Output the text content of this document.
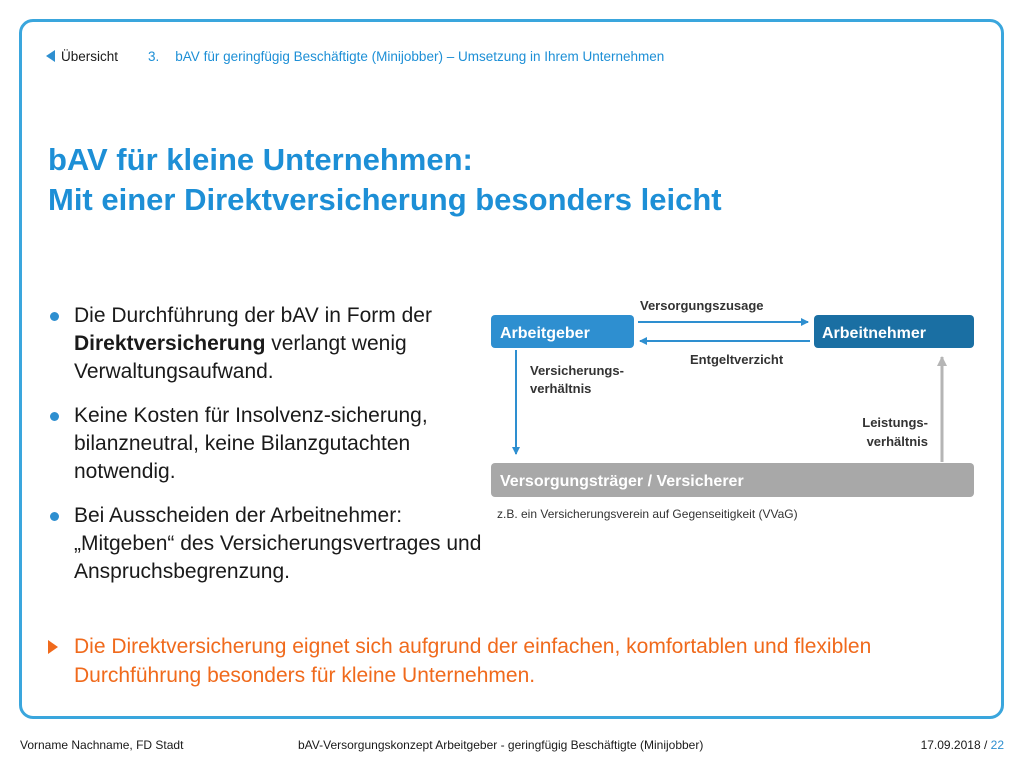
Übersicht 3. bAV für geringfügig Beschäftigte (Minijobber) – Umsetzung in Ihrem Unternehmen
bAV für kleine Unternehmen:
Mit einer Direktversicherung besonders leicht
Die Durchführung der bAV in Form der Direktversicherung verlangt wenig Verwaltungsaufwand.
Keine Kosten für Insolvenz-sicherung, bilanzneutral, keine Bilanzgutachten notwendig.
Bei Ausscheiden der Arbeitnehmer: „Mitgeben“ des Versicherungsvertrages und Anspruchsbegrenzung.
Arbeitgeber	Arbeitnehmer
Versorgungszusage
Entgeltverzicht
Versicherungs-
verhältnis
Leistungs-
verhältnis
Versorgungsträger / Versicherer
z.B. ein Versicherungsverein auf Gegenseitigkeit (VVaG)
Die Direktversicherung eignet sich aufgrund der einfachen, komfortablen und flexiblen Durchführung besonders für kleine Unternehmen.
Vorname Nachname, FD Stadt	bAV-Versorgungskonzept Arbeitgeber - geringfügig Beschäftigte (Minijobber)	17.09.2018 / 22
